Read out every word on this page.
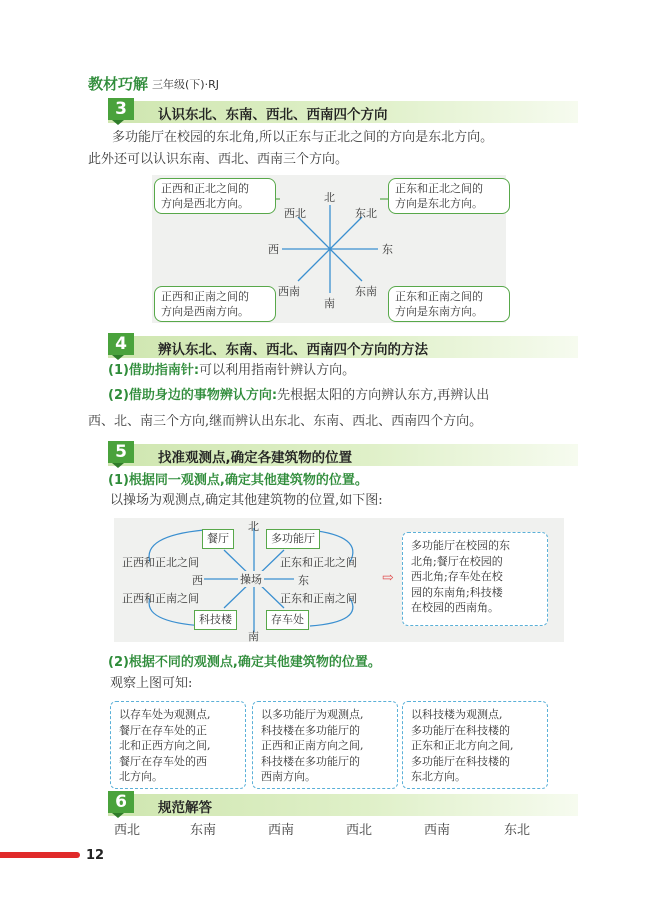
教材巧解 三年级(下)·RJ
3	认识东北、东南、西北、西南四个方向
多功能厅在校园的东北角,所以正东与正北之间的方向是东北方向。
此外还可以认识东南、西北、西南三个方向。
北
南
东
西
西北	东北
西南	东南
正西和正北之间的
方向是西北方向。
正东和正北之间的
方向是东北方向。
正西和正南之间的
方向是西南方向。
正东和正南之间的
方向是东南方向。
4	辨认东北、东南、西北、西南四个方向的方法
(1)借助指南针:可以利用指南针辨认方向。
(2)借助身边的事物辨认方向:先根据太阳的方向辨认东方,再辨认出
西、北、南三个方向,继而辨认出东北、东南、西北、西南四个方向。
5	找准观测点,确定各建筑物的位置
(1)根据同一观测点,确定其他建筑物的位置。
以操场为观测点,确定其他建筑物的位置,如下图:
北
南
东
西	操场
餐厅	多功能厅
科技楼	存车处
正西和正北之间	正东和正北之间
正西和正南之间	正东和正南之间
⇨
多功能厅在校园的东
北角;餐厅在校园的
西北角;存车处在校
园的东南角;科技楼
在校园的西南角。
(2)根据不同的观测点,确定其他建筑物的位置。
观察上图可知:
以存车处为观测点,
餐厅在存车处的正
北和正西方向之间,
餐厅在存车处的西
北方向。
以多功能厅为观测点,
科技楼在多功能厅的
正西和正南方向之间,
科技楼在多功能厅的
西南方向。
以科技楼为观测点,
多功能厅在科技楼的
正东和正北方向之间,
多功能厅在科技楼的
东北方向。
6	规范解答
西北	东南	西南	西北	西南	东北
12
